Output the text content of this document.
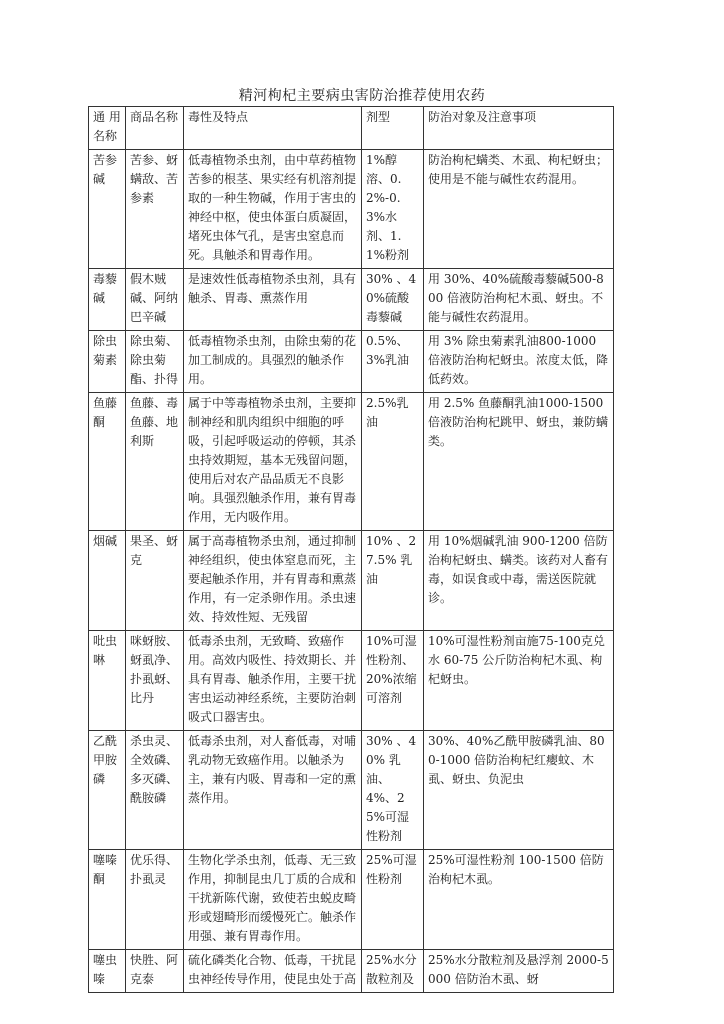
精河枸杞主要病虫害防治推荐使用农药
通 用 名称	商品名称	毒性及特点	剂型	防治对象及注意事项
苦参碱	苦参、蚜螨敌、苦参素	低毒植物杀虫剂，由中草药植物苦参的根茎、果实经有机溶剂提取的一种生物碱，作用于害虫的神经中枢，使虫体蛋白质凝固，堵死虫体气孔，是害虫窒息而死。具触杀和胃毒作用。	1%醇溶、0.2%-0.3%水剂、1.1%粉剂	防治枸杞螨类、木虱、枸杞蚜虫；使用是不能与碱性农药混用。
毒藜碱	假木贼碱、阿纳巴辛碱	是速效性低毒植物杀虫剂，具有触杀、胃毒、熏蒸作用	30% 、40%硫酸毒藜碱	用 30%、40%硫酸毒藜碱500-800 倍液防治枸杞木虱、蚜虫。不能与碱性农药混用。
除虫菊素	除虫菊、除虫菊酯、扑得	低毒植物杀虫剂，由除虫菊的花加工制成的。具强烈的触杀作用。	0.5%、3%乳油	用 3% 除虫菊素乳油800-1000 倍液防治枸杞蚜虫。浓度太低，降低药效。
鱼藤酮	鱼藤、毒鱼藤、地利斯	属于中等毒植物杀虫剂，主要抑制神经和肌肉组织中细胞的呼吸，引起呼吸运动的停顿，其杀虫持效期短，基本无残留问题，使用后对农产品品质无不良影响。具强烈触杀作用，兼有胃毒作用，无内吸作用。	2.5%乳油	用 2.5% 鱼藤酮乳油1000-1500 倍液防治枸杞跳甲、蚜虫，兼防螨类。
烟碱	果圣、蚜克	属于高毒植物杀虫剂，通过抑制神经组织，使虫体窒息而死，主要起触杀作用，并有胃毒和熏蒸作用，有一定杀卵作用。杀虫速效、持效性短、无残留	10% 、27.5% 乳油	用 10%烟碱乳油 900-1200 倍防治枸杞蚜虫、螨类。该药对人畜有毒，如误食或中毒，需送医院就诊。
吡虫啉	咪蚜胺、蚜虱净、扑虱蚜、比丹	低毒杀虫剂，无致畸、致癌作用。高效内吸性、持效期长、并具有胃毒、触杀作用，主要干扰害虫运动神经系统，主要防治刺吸式口器害虫。	10%可湿性粉剂、20%浓缩可溶剂	10%可湿性粉剂亩施75-100克兑水 60-75 公斤防治枸杞木虱、枸杞蚜虫。
乙酰甲胺磷	杀虫灵、全效磷、多灭磷、酰胺磷	低毒杀虫剂，对人畜低毒，对哺乳动物无致癌作用。以触杀为主，兼有内吸、胃毒和一定的熏蒸作用。	30% 、40% 乳油、4%、25%可湿性粉剂	30%、40%乙酰甲胺磷乳油、800-1000 倍防治枸杞红瘿蚊、木虱、蚜虫、负泥虫
噻嗪酮	优乐得、扑虱灵	生物化学杀虫剂，低毒、无三致作用，抑制昆虫几丁质的合成和干扰新陈代谢，致使若虫蜕皮畸形或翅畸形而缓慢死亡。触杀作用强、兼有胃毒作用。	25%可湿性粉剂	25%可湿性粉剂 100-1500 倍防治枸杞木虱。
噻虫嗪	快胜、阿克泰	硫化磷类化合物、低毒，干扰昆虫神经传导作用，使昆虫处于高	25%水分散粒剂及	25%水分散粒剂及悬浮剂 2000-5000 倍防治木虱、蚜
